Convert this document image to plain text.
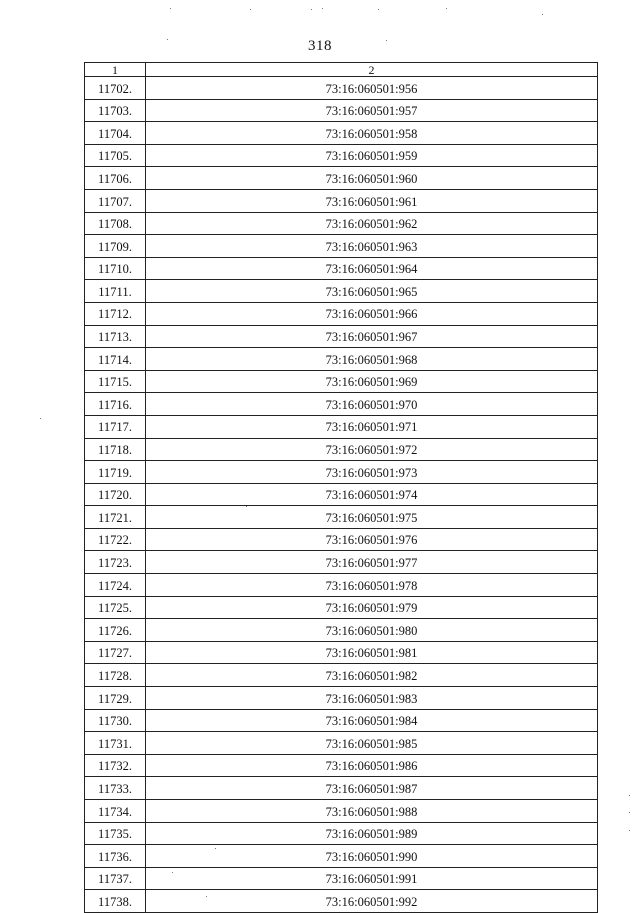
318
1	2
11702.	73:16:060501:956
11703.	73:16:060501:957
11704.	73:16:060501:958
11705.	73:16:060501:959
11706.	73:16:060501:960
11707.	73:16:060501:961
11708.	73:16:060501:962
11709.	73:16:060501:963
11710.	73:16:060501:964
11711.	73:16:060501:965
11712.	73:16:060501:966
11713.	73:16:060501:967
11714.	73:16:060501:968
11715.	73:16:060501:969
11716.	73:16:060501:970
11717.	73:16:060501:971
11718.	73:16:060501:972
11719.	73:16:060501:973
11720.	73:16:060501:974
11721.	73:16:060501:975
11722.	73:16:060501:976
11723.	73:16:060501:977
11724.	73:16:060501:978
11725.	73:16:060501:979
11726.	73:16:060501:980
11727.	73:16:060501:981
11728.	73:16:060501:982
11729.	73:16:060501:983
11730.	73:16:060501:984
11731.	73:16:060501:985
11732.	73:16:060501:986
11733.	73:16:060501:987
11734.	73:16:060501:988
11735.	73:16:060501:989
11736.	73:16:060501:990
11737.	73:16:060501:991
11738.	73:16:060501:992
